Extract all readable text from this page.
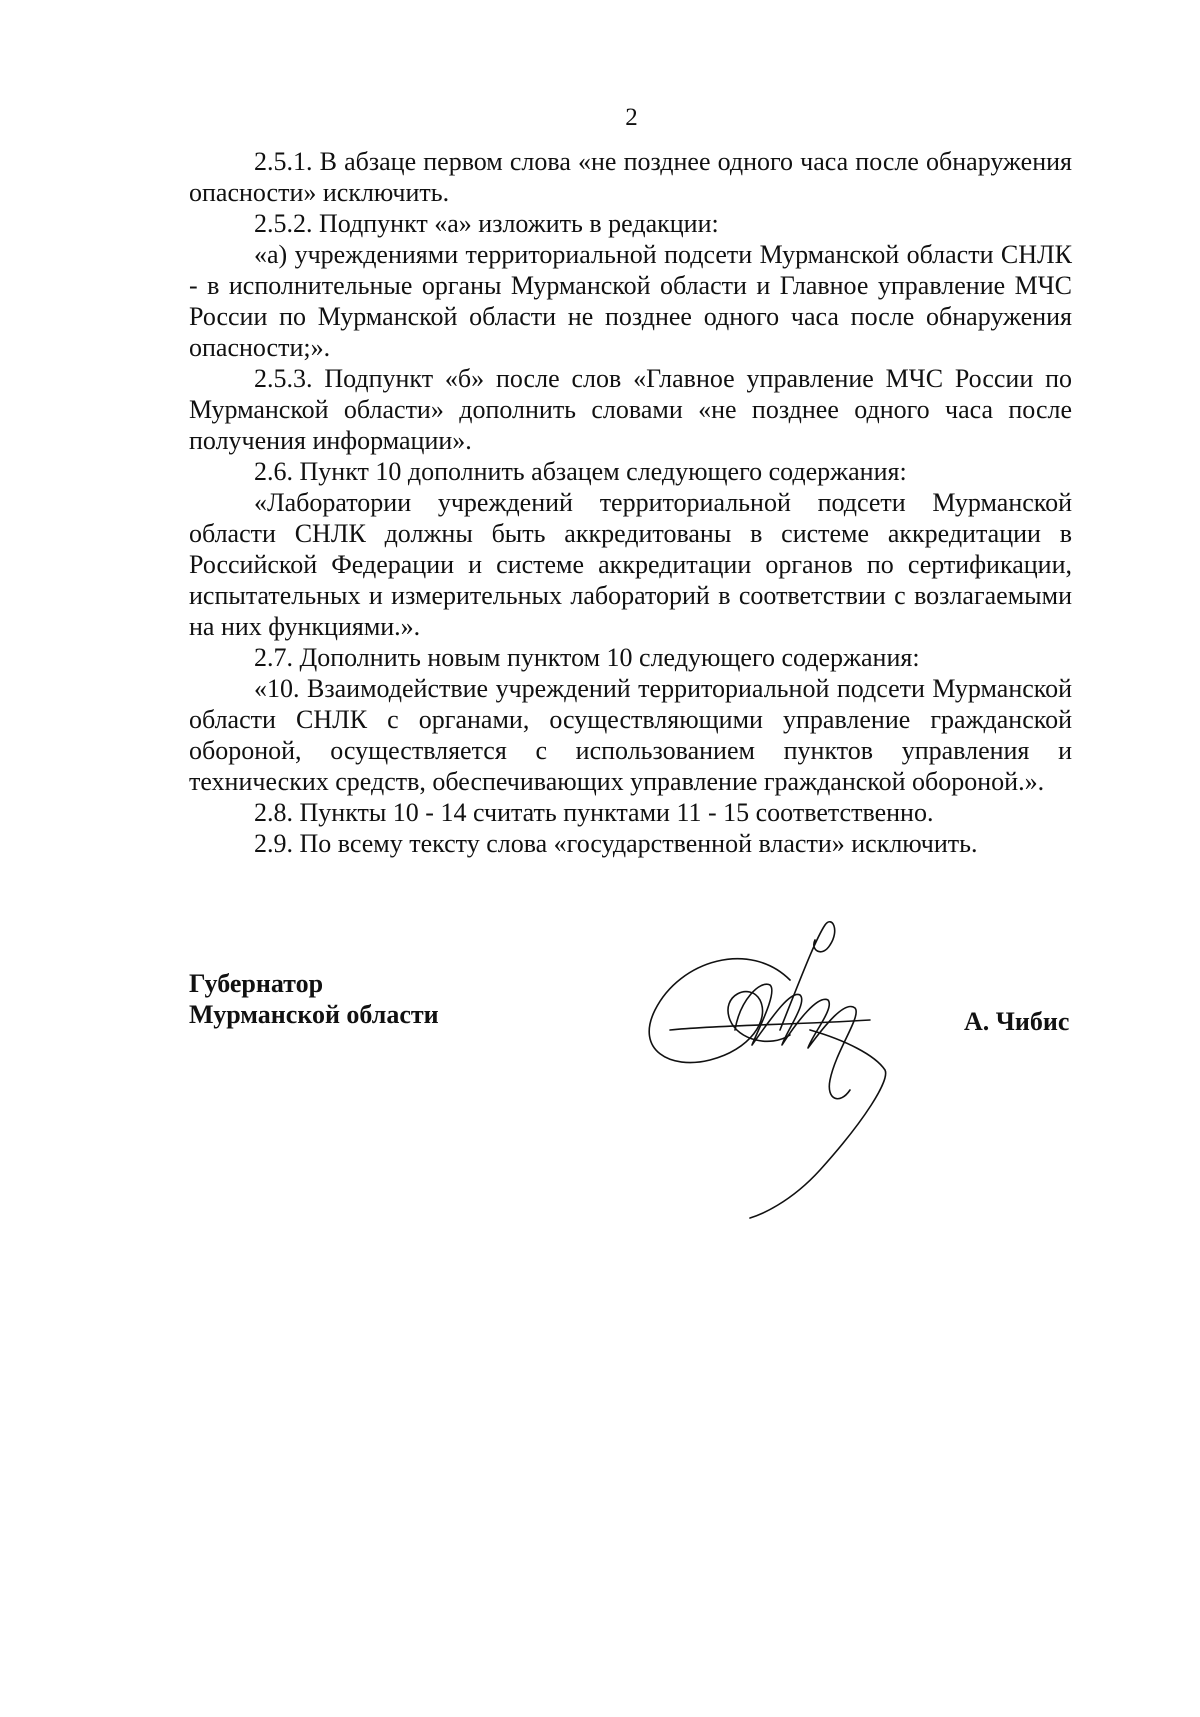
2

2.5.1. В абзаце первом слова «не позднее одного часа после обнаружения опасности» исключить.

2.5.2. Подпункт «а» изложить в редакции:

«а) учреждениями территориальной подсети Мурманской области СНЛК - в исполнительные органы Мурманской области и Главное управление МЧС России по Мурманской области не позднее одного часа после обнаружения опасности;».

2.5.3. Подпункт «б» после слов «Главное управление МЧС России по Мурманской области» дополнить словами «не позднее одного часа после получения информации».

2.6. Пункт 10 дополнить абзацем следующего содержания:

«Лаборатории учреждений территориальной подсети Мурманской области СНЛК должны быть аккредитованы в системе аккредитации в Российской Федерации и системе аккредитации органов по сертификации, испытательных и измерительных лабораторий в соответствии с возлагаемыми на них функциями.».

2.7. Дополнить новым пунктом 10 следующего содержания:

«10. Взаимодействие учреждений территориальной подсети Мурманской области СНЛК с органами, осуществляющими управление гражданской обороной, осуществляется с использованием пунктов управления и технических средств, обеспечивающих управление гражданской обороной.».

2.8. Пункты 10 - 14 считать пунктами 11 - 15 соответственно.

2.9. По всему тексту слова «государственной власти» исключить.

Губернатор
Мурманской области	А. Чибис
